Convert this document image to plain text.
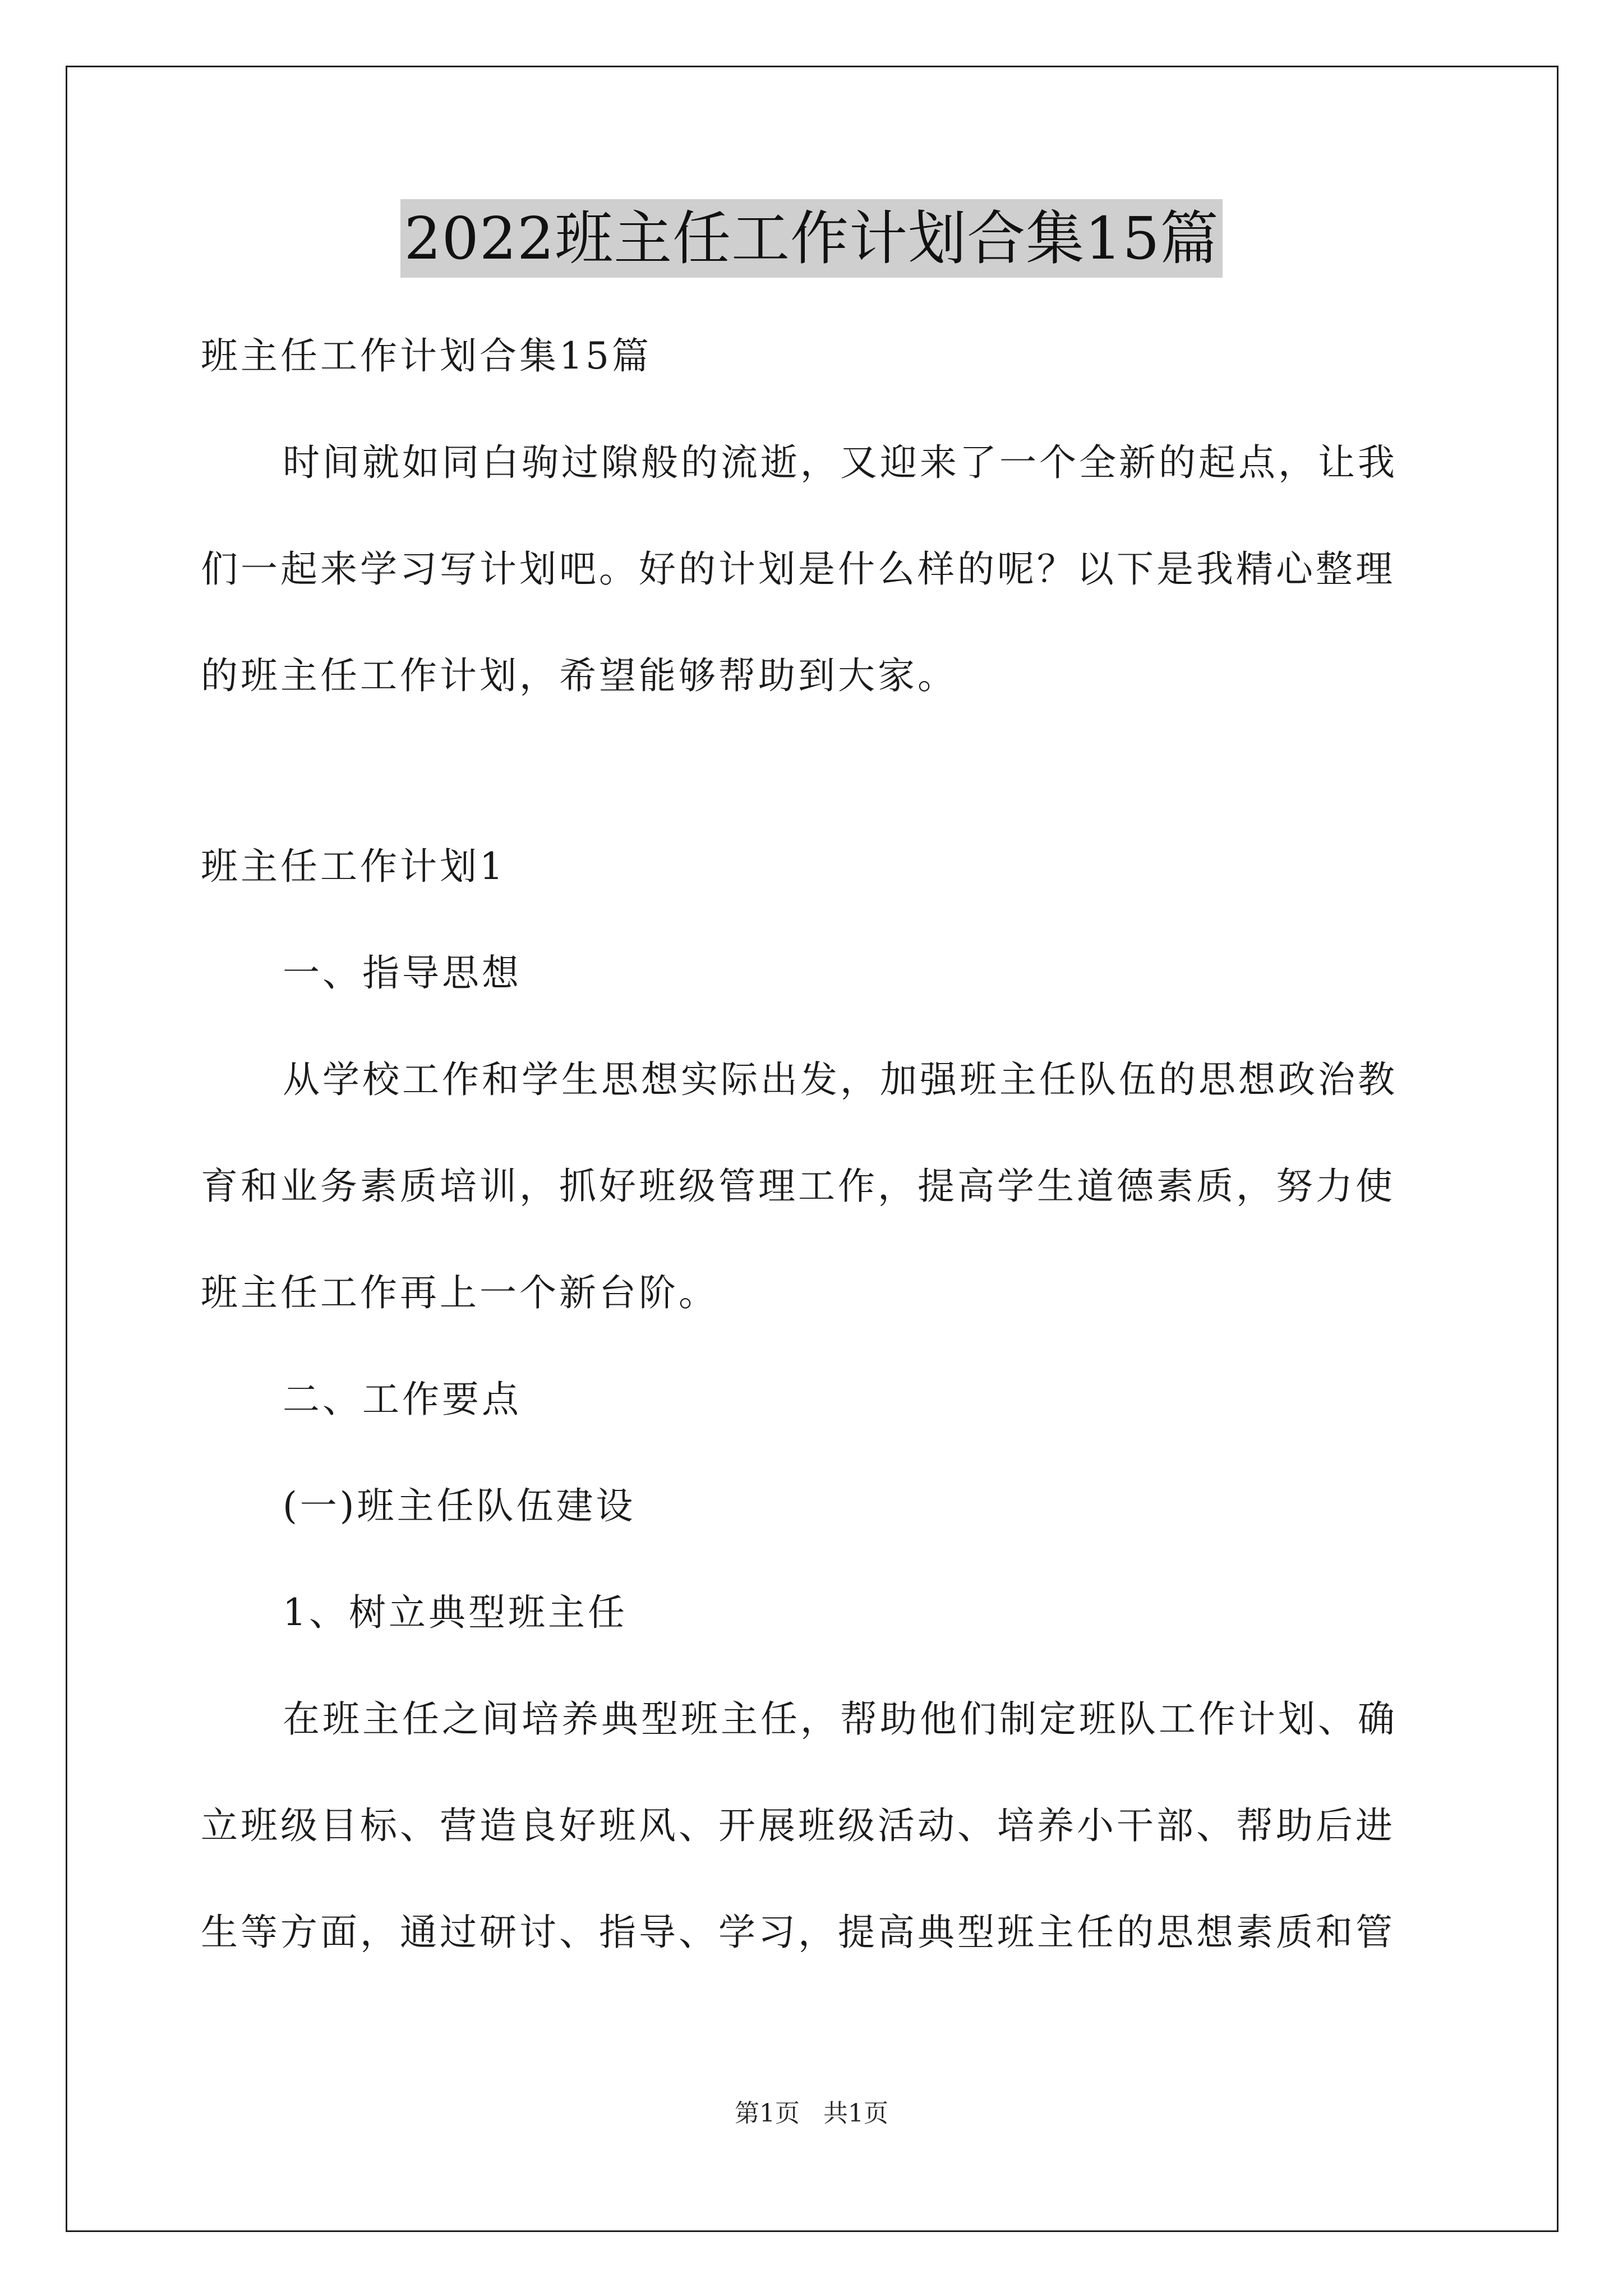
2022班主任工作计划合集15篇

班主任工作计划合集15篇

时间就如同白驹过隙般的流逝，又迎来了一个全新的起点，让我

们一起来学习写计划吧。好的计划是什么样的呢？以下是我精心整理

的班主任工作计划，希望能够帮助到大家。

班主任工作计划1

一、指导思想

从学校工作和学生思想实际出发，加强班主任队伍的思想政治教

育和业务素质培训，抓好班级管理工作，提高学生道德素质，努力使

班主任工作再上一个新台阶。

二、工作要点

(一)班主任队伍建设

1、树立典型班主任

在班主任之间培养典型班主任，帮助他们制定班队工作计划、确

立班级目标、营造良好班风、开展班级活动、培养小干部、帮助后进

生等方面，通过研讨、指导、学习，提高典型班主任的思想素质和管

第1页 共1页
